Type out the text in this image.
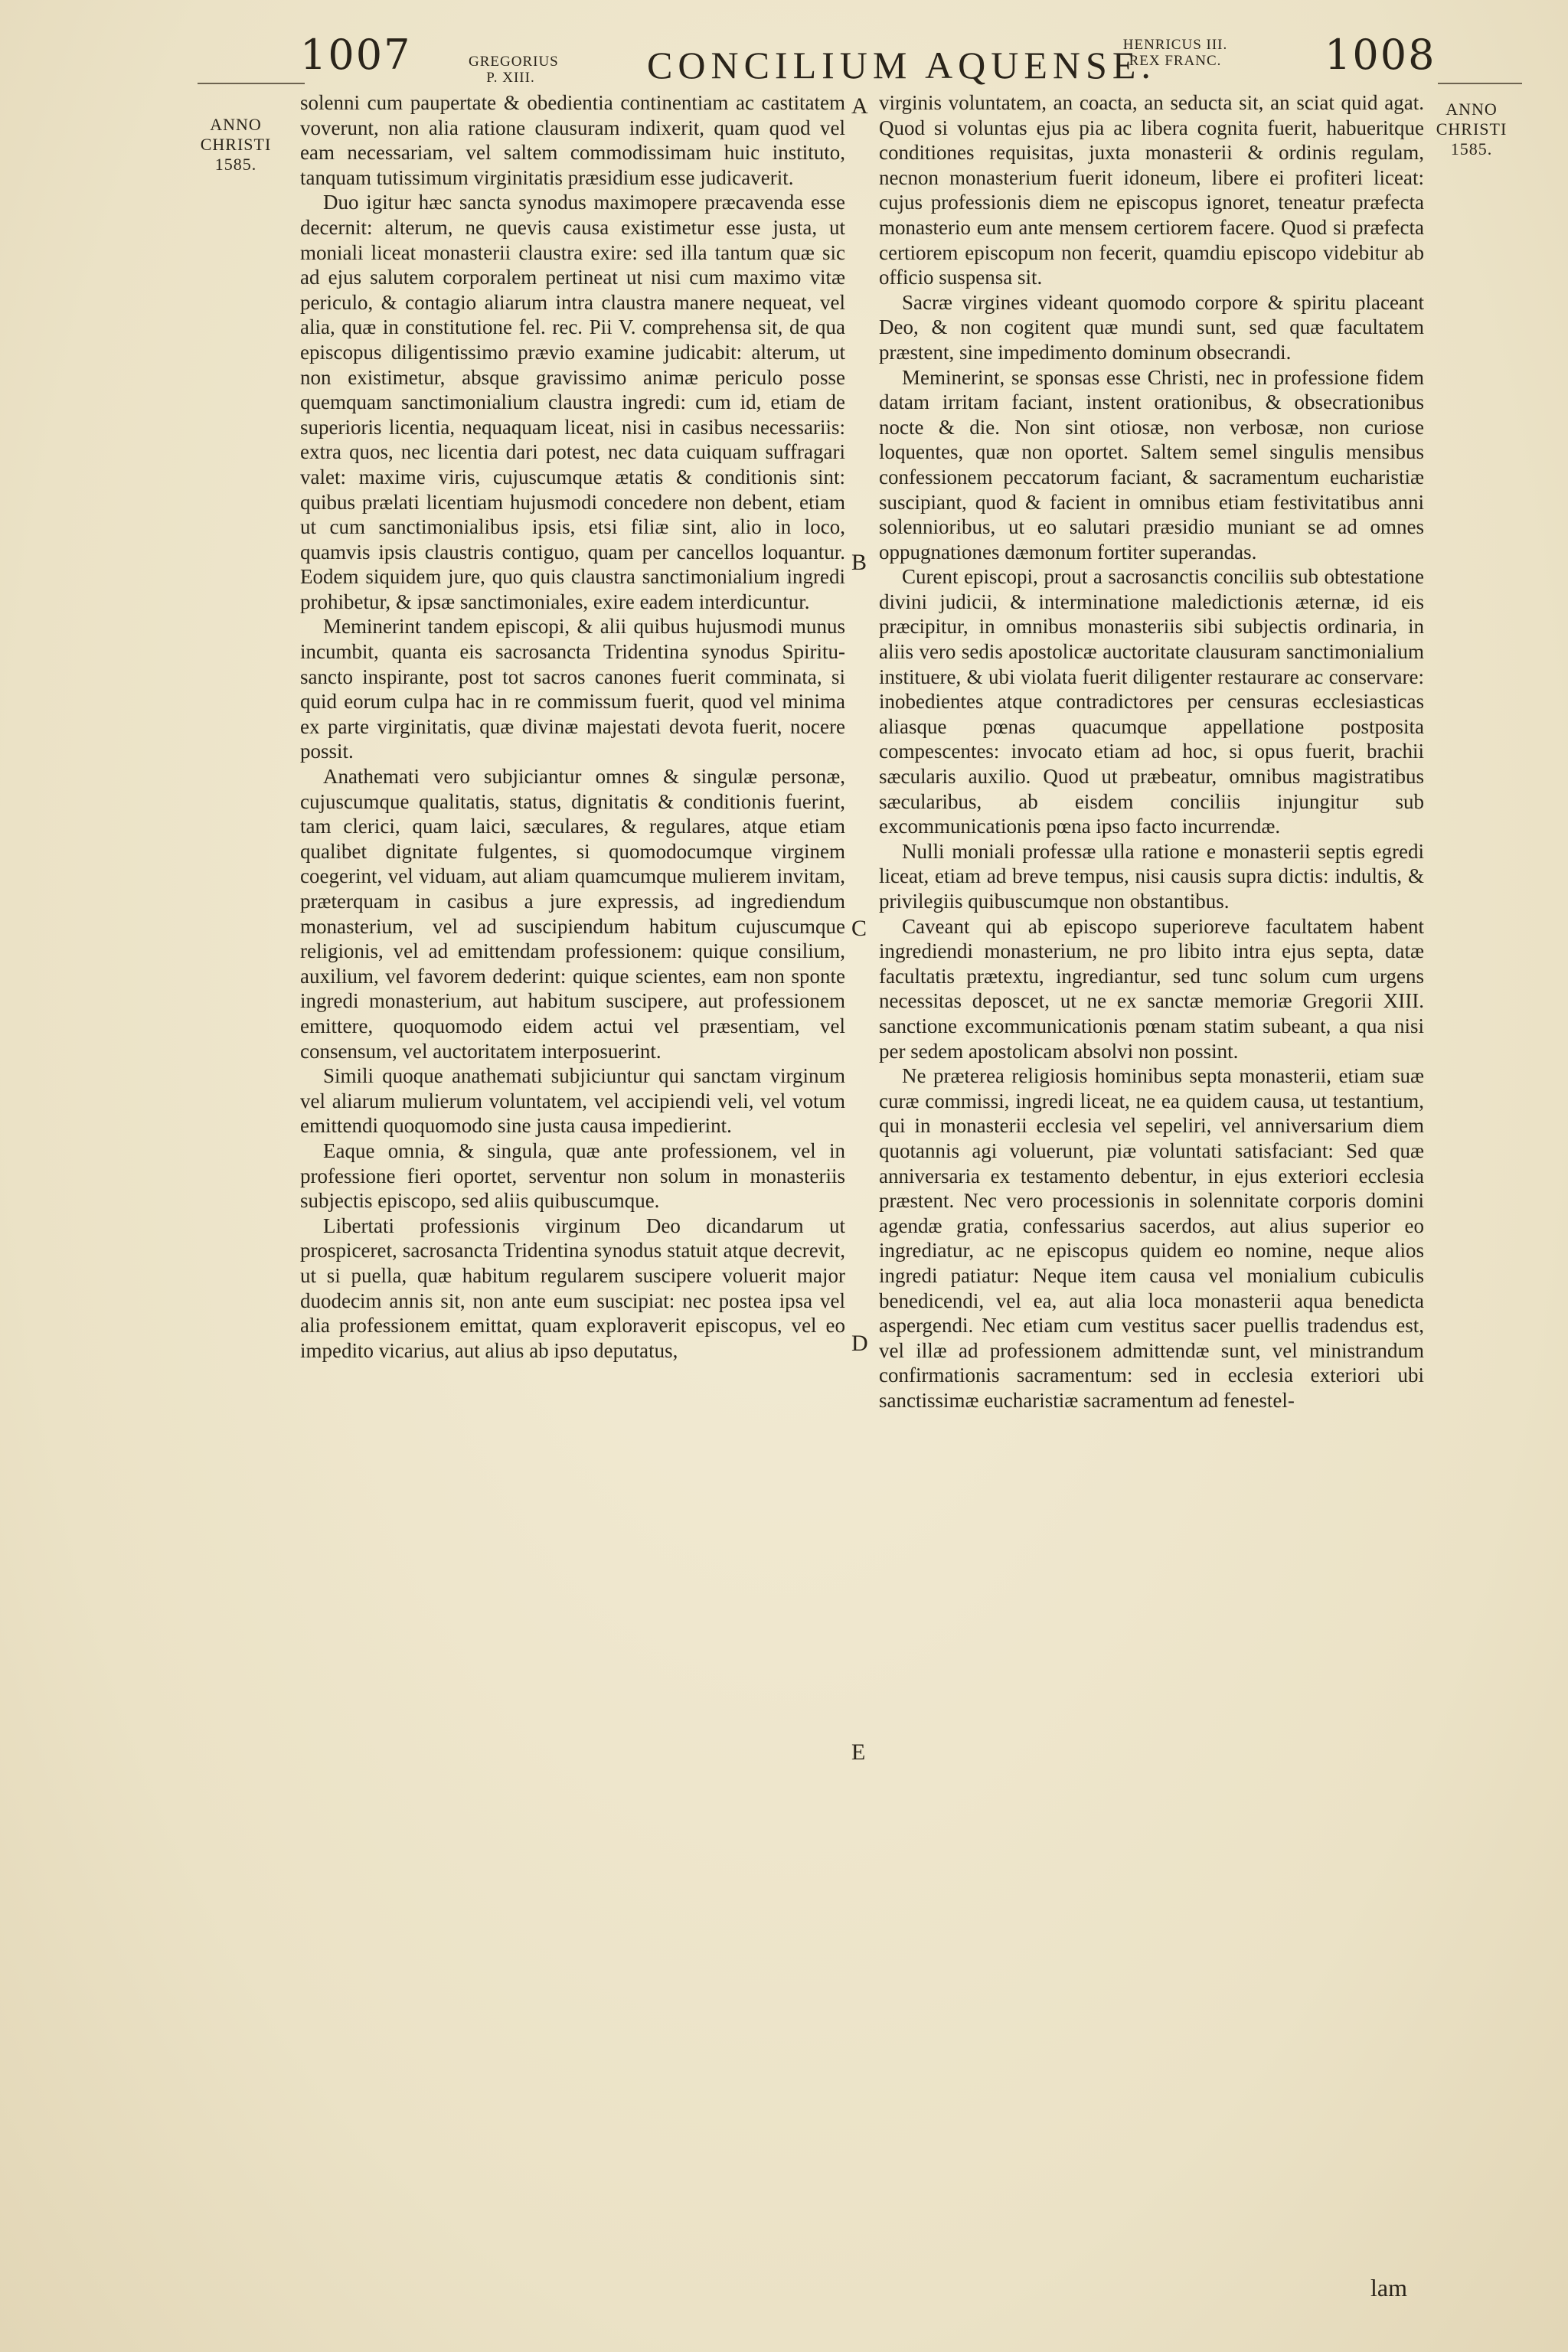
1007	GREGORIUS
P. XIII.	CONCILIUM AQUENSE.
HENRICUS III.
REX FRANC. 1008
ANNO
CHRISTI
1585.
ANNO
CHRISTI
1585.

solenni cum paupertate & obedientia continentiam ac castitatem voverunt, non alia ratione clausuram indixerit, quam quod vel eam necessariam, vel saltem commodissimam huic instituto, tanquam tutissimum virginitatis præsidium esse judicaverit.

Duo igitur hæc sancta synodus maximopere præcavenda esse decernit: alterum, ne quevis causa existimetur esse justa, ut moniali liceat monasterii claustra exire: sed illa tantum quæ sic ad ejus salutem corporalem pertineat ut nisi cum maximo vitæ periculo, & contagio aliarum intra claustra manere nequeat, vel alia, quæ in constitutione fel. rec. Pii V. comprehensa sit, de qua episcopus diligentissimo prævio examine judicabit: alterum, ut non existimetur, absque gravissimo animæ periculo posse quemquam sanctimonialium claustra ingredi: cum id, etiam de superioris licentia, nequaquam liceat, nisi in casibus necessariis: extra quos, nec licentia dari potest, nec data cuiquam suffragari valet: maxime viris, cujuscumque ætatis & conditionis sint: quibus prælati licentiam hujusmodi concedere non debent, etiam ut cum sanctimonialibus ipsis, etsi filiæ sint, alio in loco, quamvis ipsis claustris contiguo, quam per cancellos loquantur. Eodem siquidem jure, quo quis claustra sanctimonialium ingredi prohibetur, & ipsæ sanctimoniales, exire eadem interdicuntur.

Meminerint tandem episcopi, & alii quibus hujusmodi munus incumbit, quanta eis sacrosancta Tridentina synodus Spiritu-sancto inspirante, post tot sacros canones fuerit comminata, si quid eorum culpa hac in re commissum fuerit, quod vel minima ex parte virginitatis, quæ divinæ majestati devota fuerit, nocere possit.

Anathemati vero subjiciantur omnes & singulæ personæ, cujuscumque qualitatis, status, dignitatis & conditionis fuerint, tam clerici, quam laici, sæculares, & regulares, atque etiam qualibet dignitate fulgentes, si quomodocumque virginem coegerint, vel viduam, aut aliam quamcumque mulierem invitam, præterquam in casibus a jure expressis, ad ingrediendum monasterium, vel ad suscipiendum habitum cujuscumque religionis, vel ad emittendam professionem: quique consilium, auxilium, vel favorem dederint: quique scientes, eam non sponte ingredi monasterium, aut habitum suscipere, aut professionem emittere, quoquomodo eidem actui vel præsentiam, vel consensum, vel auctoritatem interposuerint.

Simili quoque anathemati subjiciuntur qui sanctam virginum vel aliarum mulierum voluntatem, vel accipiendi veli, vel votum emittendi quoquomodo sine justa causa impedierint.

Eaque omnia, & singula, quæ ante professionem, vel in professione fieri oportet, serventur non solum in monasteriis subjectis episcopo, sed aliis quibuscumque.

Libertati professionis virginum Deo dicandarum ut prospiceret, sacrosancta Tridentina synodus statuit atque decrevit, ut si puella, quæ habitum regularem suscipere voluerit major duodecim annis sit, non ante eum suscipiat: nec postea ipsa vel alia professionem emittat, quam exploraverit episcopus, vel eo impedito vicarius, aut alius ab ipso deputatus,

A
B
C
D
E

virginis voluntatem, an coacta, an seducta sit, an sciat quid agat. Quod si voluntas ejus pia ac libera cognita fuerit, habueritque conditiones requisitas, juxta monasterii & ordinis regulam, necnon monasterium fuerit idoneum, libere ei profiteri liceat: cujus professionis diem ne episcopus ignoret, teneatur præfecta monasterio eum ante mensem certiorem facere. Quod si præfecta certiorem episcopum non fecerit, quamdiu episcopo videbitur ab officio suspensa sit.

Sacræ virgines videant quomodo corpore & spiritu placeant Deo, & non cogitent quæ mundi sunt, sed quæ facultatem præstent, sine impedimento dominum obsecrandi.

Meminerint, se sponsas esse Christi, nec in professione fidem datam irritam faciant, instent orationibus, & obsecrationibus nocte & die. Non sint otiosæ, non verbosæ, non curiose loquentes, quæ non oportet. Saltem semel singulis mensibus confessionem peccatorum faciant, & sacramentum eucharistiæ suscipiant, quod & facient in omnibus etiam festivitatibus anni solennioribus, ut eo salutari præsidio muniant se ad omnes oppugnationes dæmonum fortiter superandas.

Curent episcopi, prout a sacrosanctis conciliis sub obtestatione divini judicii, & interminatione maledictionis æternæ, id eis præcipitur, in omnibus monasteriis sibi subjectis ordinaria, in aliis vero sedis apostolicæ auctoritate clausuram sanctimonialium instituere, & ubi violata fuerit diligenter restaurare ac conservare: inobedientes atque contradictores per censuras ecclesiasticas aliasque pœnas quacumque appellatione postposita compescentes: invocato etiam ad hoc, si opus fuerit, brachii sæcularis auxilio. Quod ut præbeatur, omnibus magistratibus sæcularibus, ab eisdem conciliis injungitur sub excommunicationis pœna ipso facto incurrendæ.

Nulli moniali professæ ulla ratione e monasterii septis egredi liceat, etiam ad breve tempus, nisi causis supra dictis: indultis, & privilegiis quibuscumque non obstantibus.

Caveant qui ab episcopo superioreve facultatem habent ingrediendi monasterium, ne pro libito intra ejus septa, datæ facultatis prætextu, ingrediantur, sed tunc solum cum urgens necessitas deposcet, ut ne ex sanctæ memoriæ Gregorii XIII. sanctione excommunicationis pœnam statim subeant, a qua nisi per sedem apostolicam absolvi non possint.

Ne præterea religiosis hominibus septa monasterii, etiam suæ curæ commissi, ingredi liceat, ne ea quidem causa, ut testantium, qui in monasterii ecclesia vel sepeliri, vel anniversarium diem quotannis agi voluerunt, piæ voluntati satisfaciant: Sed quæ anniversaria ex testamento debentur, in ejus exteriori ecclesia præstent. Nec vero processionis in solennitate corporis domini agendæ gratia, confessarius sacerdos, aut alius superior eo ingrediatur, ac ne episcopus quidem eo nomine, neque alios ingredi patiatur: Neque item causa vel monialium cubiculis benedicendi, vel ea, aut alia loca monasterii aqua benedicta aspergendi. Nec etiam cum vestitus sacer puellis tradendus est, vel illæ ad professionem admittendæ sunt, vel ministrandum confirmationis sacramentum: sed in ecclesia exteriori ubi sanctissimæ eucharistiæ sacramentum ad fenestel-

lam
